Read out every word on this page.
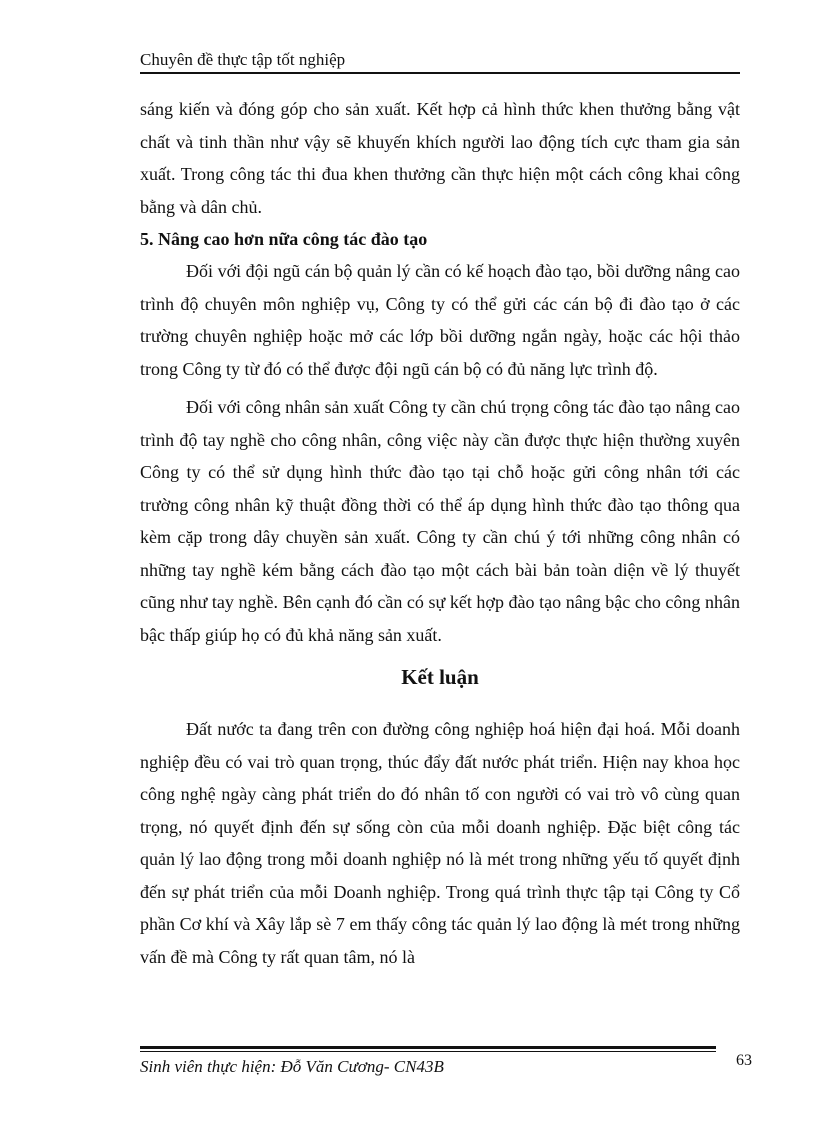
Chuyên đề thực tập tốt nghiệp

sáng kiến và đóng góp cho sản xuất. Kết hợp cả hình thức khen thưởng bằng vật chất và tinh thần như vậy sẽ khuyến khích người lao động tích cực tham gia sản xuất. Trong công tác thi đua khen thưởng cần thực hiện một cách công khai công bằng và dân chủ.

5. Nâng cao hơn nữa công tác đào tạo

Đối với đội ngũ cán bộ quản lý cần có kế hoạch đào tạo, bồi dưỡng nâng cao trình độ chuyên môn nghiệp vụ, Công ty có thể gửi các cán bộ đi đào tạo ở các trường chuyên nghiệp hoặc mở các lớp bồi dưỡng ngắn ngày, hoặc các hội thảo trong Công ty từ đó có thể được đội ngũ cán bộ có đủ năng lực trình độ.

Đối với công nhân sản xuất Công ty cần chú trọng công tác đào tạo nâng cao trình độ tay nghề cho công nhân, công việc này cần được thực hiện thường xuyên Công ty có thể sử dụng hình thức đào tạo tại chỗ hoặc gửi công nhân tới các trường công nhân kỹ thuật đồng thời có thể áp dụng hình thức đào tạo thông qua kèm cặp trong dây chuyền sản xuất. Công ty cần chú ý tới những công nhân có những tay nghề kém bằng cách đào tạo một cách bài bản toàn diện về lý thuyết cũng như tay nghề. Bên cạnh đó cần có sự kết hợp đào tạo nâng bậc cho công nhân bậc thấp giúp họ có đủ khả năng sản xuất.

Kết luận

Đất nước ta đang trên con đường công nghiệp hoá hiện đại hoá. Mỗi doanh nghiệp đều có vai trò quan trọng, thúc đẩy đất nước phát triển. Hiện nay khoa học công nghệ ngày càng phát triển do đó nhân tố con người có vai trò vô cùng quan trọng, nó quyết định đến sự sống còn của mỗi doanh nghiệp. Đặc biệt công tác quản lý lao động trong mỗi doanh nghiệp nó là mét trong những yếu tố quyết định đến sự phát triển của mỗi Doanh nghiệp. Trong quá trình thực tập tại Công ty Cổ phần Cơ khí và Xây lắp sè 7 em thấy công tác quản lý lao động là mét trong những vấn đề mà Công ty rất quan tâm, nó là

Sinh viên thực hiện: Đỗ Văn Cương- CN43B	63
